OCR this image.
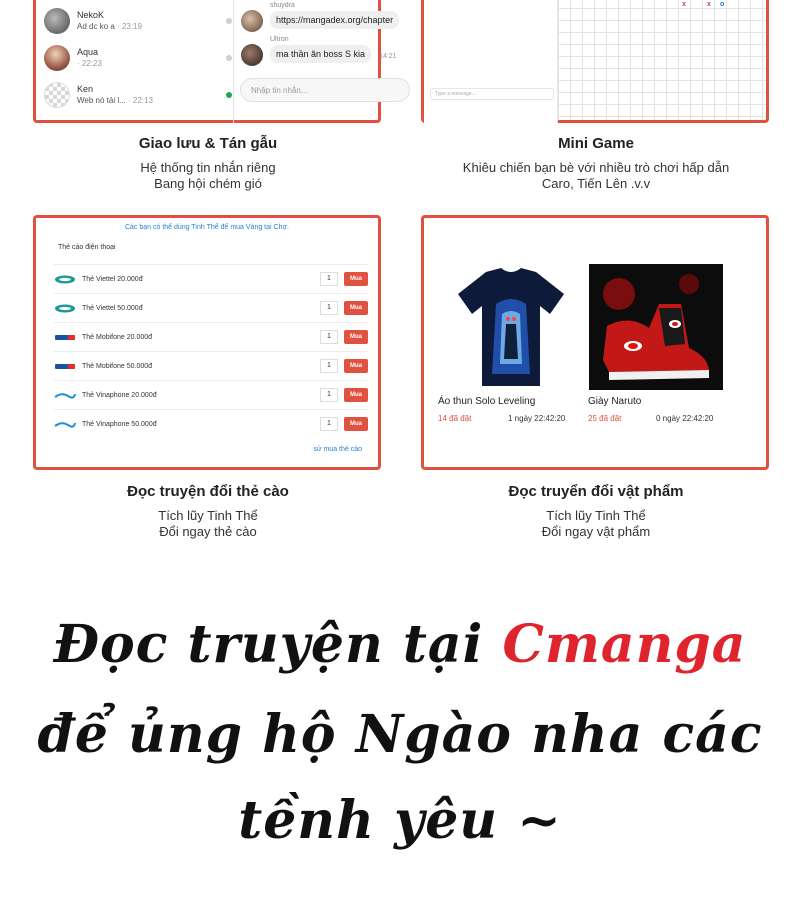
NekoK
Ad dc ko a · 23:19
Aqua
· 22:23
Ken
Web nó tải l... · 22:13
shuydra
https://mangadex.org/chapter
Ultron
ma thần ăn boss S kia	14:21
Nhập tin nhắn...	Type a message...
x	x o
Các bạn có thể dùng Tinh Thể để mua Vàng tại Chợ.
Thẻ cào điện thoại
Thẻ Viettel 20.000đ	1	Mua
Thẻ Viettel 50.000đ	1	Mua
Thẻ Mobifone 20.000đ	1	Mua
Thẻ Mobifone 50.000đ	1	Mua
Thẻ Vinaphone 20.000đ	1	Mua
Thẻ Vinaphone 50.000đ	1	Mua
sử mua thẻ cào
Áo thun Solo Leveling
14 đã đặt	1 ngày 22:42:20
Giày Naruto
25 đã đặt	0 ngày 22:42:20
Giao lưu & Tán gẫu
Hệ thống tin nhắn riêng
Bang hội chém gió
Mini Game
Khiêu chiến bạn bè với nhiều trò chơi hấp dẫn
Caro, Tiến Lên .v.v
Đọc truyện đổi thẻ cào
Tích lũy Tinh Thể
Đổi ngay thẻ cào
Đọc truyển đổi vật phẩm
Tích lũy Tinh Thể
Đổi ngay vật phẩm
Đọc truyện tại Cmanga
để ủng hộ Ngào nha các
tềnh yêu ~
